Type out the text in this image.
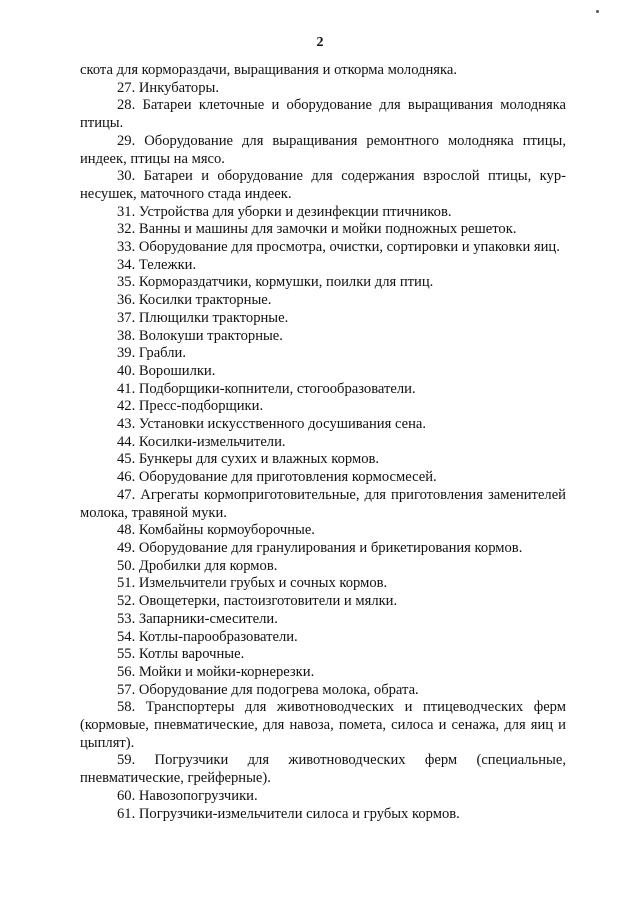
2

скота для кормораздачи, выращивания и откорма молодняка.

27. Инкубаторы.

28. Батареи клеточные и оборудование для выращивания молодняка птицы.

29. Оборудование для выращивания ремонтного молодняка птицы, индеек, птицы на мясо.

30. Батареи и оборудование для содержания взрослой птицы, кур-несушек, маточного стада индеек.

31. Устройства для уборки и дезинфекции птичников.

32. Ванны и машины для замочки и мойки подножных решеток.

33. Оборудование для просмотра, очистки, сортировки и упаковки яиц.

34. Тележки.

35. Кормораздатчики, кормушки, поилки для птиц.

36. Косилки тракторные.

37. Плющилки тракторные.

38. Волокуши тракторные.

39. Грабли.

40. Ворошилки.

41. Подборщики-копнители, стогообразователи.

42. Пресс-подборщики.

43. Установки искусственного досушивания сена.

44. Косилки-измельчители.

45. Бункеры для сухих и влажных кормов.

46. Оборудование для приготовления кормосмесей.

47. Агрегаты кормоприготовительные, для приготовления заменителей молока, травяной муки.

48. Комбайны кормоуборочные.

49. Оборудование для гранулирования и брикетирования кормов.

50. Дробилки для кормов.

51. Измельчители грубых и сочных кормов.

52. Овощетерки, пастоизготовители и мялки.

53. Запарники-смесители.

54. Котлы-парообразователи.

55. Котлы варочные.

56. Мойки и мойки-корнерезки.

57. Оборудование для подогрева молока, обрата.

58. Транспортеры для животноводческих и птицеводческих ферм (кормовые, пневматические, для навоза, помета, силоса и сенажа, для яиц и цыплят).

59. Погрузчики для животноводческих ферм (специальные, пневматические, грейферные).

60. Навозопогрузчики.

61. Погрузчики-измельчители силоса и грубых кормов.
